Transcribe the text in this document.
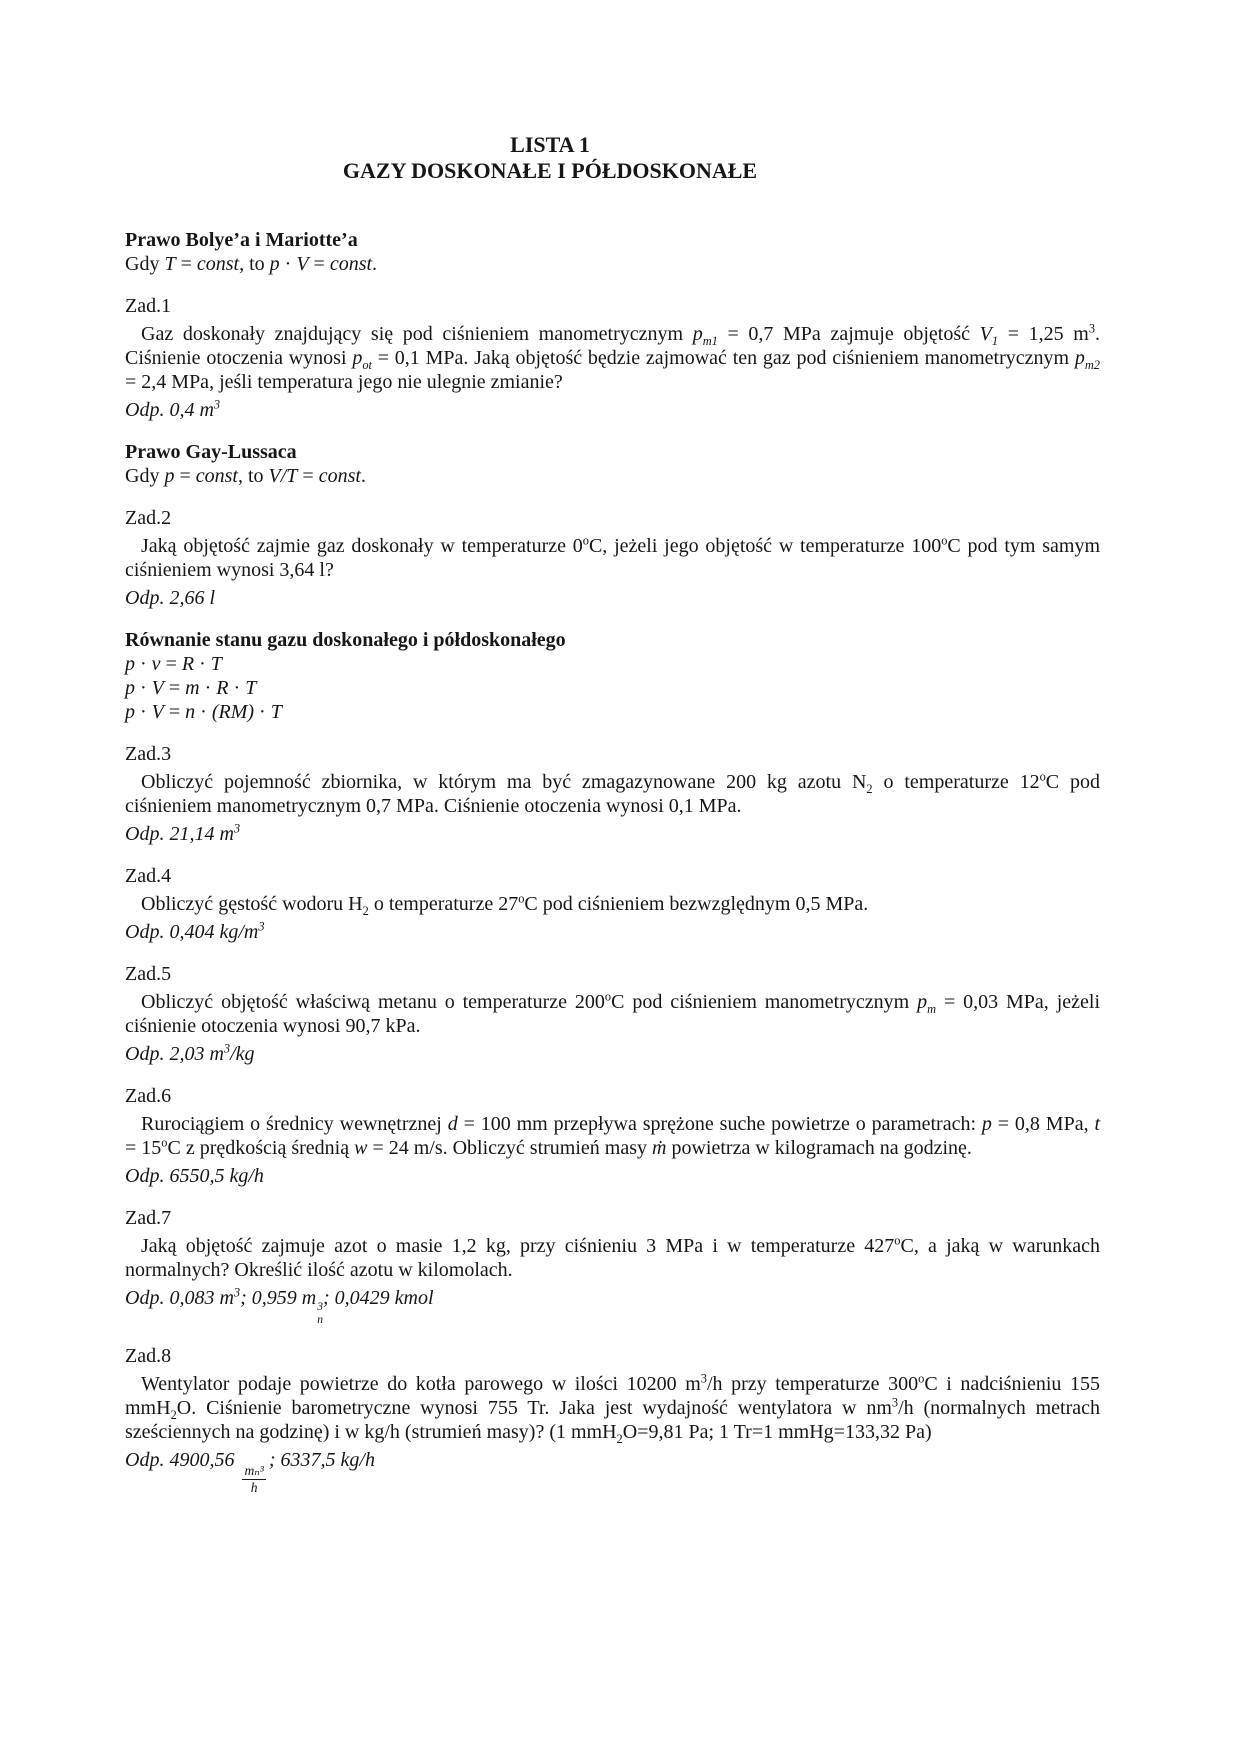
LISTA 1
GAZY DOSKONAŁE I PÓŁDOSKONAŁE
Prawo Bolye’a i Mariotte’a

Gdy T = const, to p · V = const.

Zad.1

Gaz doskonały znajdujący się pod ciśnieniem manometrycznym $p_{m1} = 0,7$ MPa zajmuje objętość $V_1 = 1,25$ $m^3$. Ciśnienie otoczenia wynosi $p_{ot} = 0,1$ MPa. Jaką objętość będzie zajmować ten gaz pod ciśnieniem manometrycznym $p_{m2} = 2,4$ MPa, jeśli temperatura jego nie ulegnie zmianie?

Odp. 0,4 $m^3$

Prawo Gay-Lussaca

Gdy p = const, to V/T = const.

Zad.2

Jaką objętość zajmie gaz doskonały w temperaturze 0$^o$C, jeżeli jego objętość w temperaturze 100$^o$C pod tym samym ciśnieniem wynosi 3,64 l?

Odp. 2,66 l

Równanie stanu gazu doskonałego i półdoskonałego

p · v = R · T

p · V = m · R · T

p · V = n · (RM) · T

Zad.3

Obliczyć pojemność zbiornika, w którym ma być zmagazynowane 200 kg azotu $N_2$ o temperaturze 12$^o$C pod ciśnieniem manometrycznym 0,7 MPa. Ciśnienie otoczenia wynosi 0,1 MPa.

Odp. 21,14 $m^3$

Zad.4

Obliczyć gęstość wodoru $H_2$ o temperaturze 27$^o$C pod ciśnieniem bezwzględnym 0,5 MPa.

Odp. 0,404 $kg/m^3$

Zad.5

Obliczyć objętość właściwą metanu o temperaturze 200$^o$C pod ciśnieniem manometrycznym $p_m = 0,03$ MPa, jeżeli ciśnienie otoczenia wynosi 90,7 kPa.

Odp. 2,03 $m^3/kg$

Zad.6

Rurociągiem o średnicy wewnętrznej d = 100 mm przepływa sprężone suche powietrze o parametrach: p = 0,8 MPa, $t = 15^oC$ z prędkością średnią w = 24 m/s. Obliczyć strumień masy ṁ powietrza w kilogramach na godzinę.

Odp. 6550,5 kg/h

Zad.7

Jaką objętość zajmuje azot o masie 1,2 kg, przy ciśnieniu 3 MPa i w temperaturze 427$^o$C, a jaką w warunkach normalnych? Określić ilość azotu w kilomolach.

Odp. 0,083 $m^3$; 0,959 m 3
n
; 0,0429 kmol

Zad.8

Wentylator podaje powietrze do kotła parowego w ilości 10200 $m^3/h$ przy temperaturze 300$^o$C i nadciśnieniu 155 mmH$_2$O. Ciśnienie barometryczne wynosi 755 Tr. Jaka jest wydajność wentylatora w $nm^3/h$ (normalnych metrach sześciennych na godzinę) i w kg/h (strumień masy)? (1 mmH$_2$O=9,81 Pa; 1 Tr=1 mmHg=133,32 Pa)

Odp. 4900,56
$\frac{\text{mₙ³}}{h}$
; 6337,5 kg/h
